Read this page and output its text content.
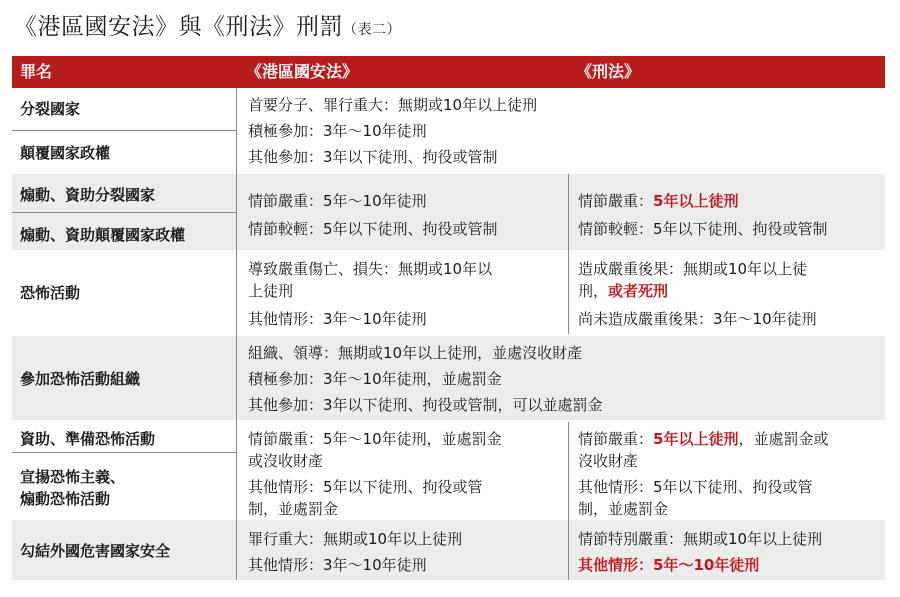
《港區國安法》與《刑法》刑罰（表二）
罪名	《港區國安法》	《刑法》
分裂國家
顛覆國家政權
首要分子、罪行重大：無期或10年以上徒刑
積極參加：3年～10年徒刑
其他參加：3年以下徒刑、拘役或管制
煽動、資助分裂國家
煽動、資助顛覆國家政權
情節嚴重：5年～10年徒刑
情節較輕：5年以下徒刑、拘役或管制
情節嚴重：5年以上徒刑
情節較輕：5年以下徒刑、拘役或管制
恐怖活動
導致嚴重傷亡、損失：無期或10年以
上徒刑
其他情形：3年～10年徒刑
造成嚴重後果：無期或10年以上徒
刑，或者死刑
尚未造成嚴重後果：3年～10年徒刑
參加恐怖活動組織
組織、領導：無期或10年以上徒刑，並處沒收財產
積極參加：3年～10年徒刑，並處罰金
其他參加：3年以下徒刑、拘役或管制，可以並處罰金
資助、準備恐怖活動
宣揚恐怖主義、
煽動恐怖活動
情節嚴重：5年～10年徒刑，並處罰金
或沒收財產
其他情形：5年以下徒刑、拘役或管
制，並處罰金
情節嚴重：5年以上徒刑，並處罰金或
沒收財產
其他情形：5年以下徒刑、拘役或管
制，並處罰金
勾結外國危害國家安全
罪行重大：無期或10年以上徒刑
其他情形：3年～10年徒刑
情節特別嚴重：無期或10年以上徒刑
其他情形：5年～10年徒刑
